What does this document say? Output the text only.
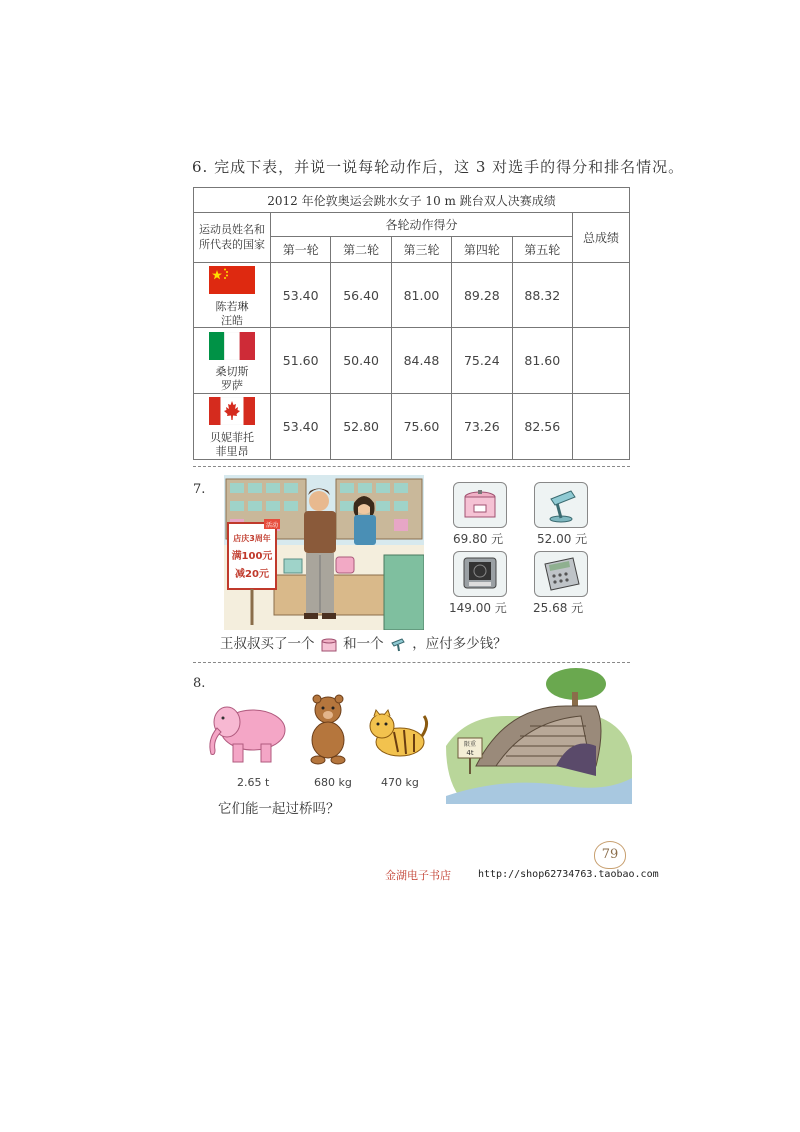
6. 完成下表，并说一说每轮动作后，这 3 对选手的得分和排名情况。
2012 年伦敦奥运会跳水女子 10 m 跳台双人决赛成绩						
运动员姓名和所代表的国家	各轮动作得分					总成绩
	第一轮	第二轮	第三轮	第四轮	第五轮	

陈若琳
汪皓	53.40	56.40	81.00	89.28	88.32	

桑切斯
罗萨	51.60	50.40	84.48	75.24	81.60	

贝妮菲托
菲里昂	53.40	52.80	75.60	73.26	82.56	
7.
活动
店庆3周年
满100元
减20元
69.80 元	52.00 元
149.00 元 25.68 元
王叔叔买了一个 和一个 ，应付多少钱？
8.
2.65 t	680 kg	470 kg
限重
4t
它们能一起过桥吗？
79
金湖电子书店	http://shop62734763.taobao.com
